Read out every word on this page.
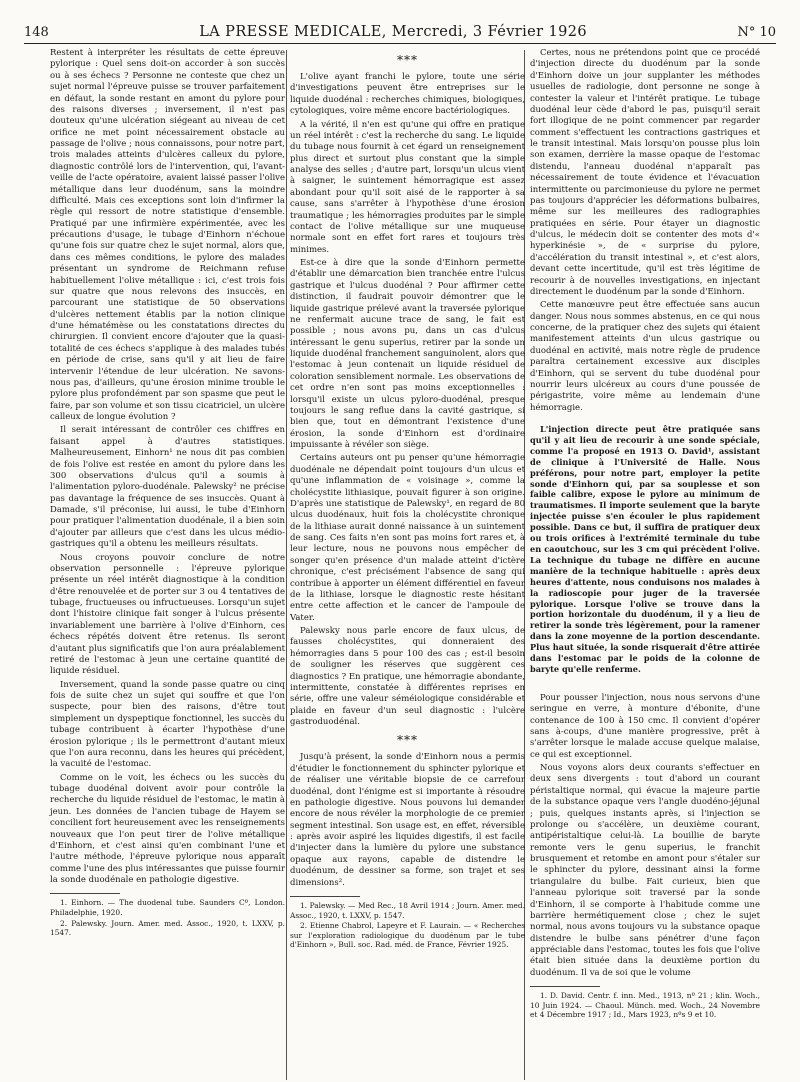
148	LA PRESSE MEDICALE, Mercredi, 3 Février 1926	N° 10

Restent à interpréter les résultats de cette épreuve pylorique : Quel sens doit-on accorder à son succès ou à ses échecs ? Personne ne conteste que chez un sujet normal l'épreuve puisse se trouver parfaitement en défaut, la sonde restant en amont du pylore pour des raisons diverses ; inversement, il n'est pas douteux qu'une ulcération siégeant au niveau de cet orifice ne met point nécessairement obstacle au passage de l'olive ; nous connaissons, pour notre part, trois malades atteints d'ulcères calleux du pylore, diagnostic contrôlé lors de l'intervention, qui, l'avant-veille de l'acte opératoire, avaient laissé passer l'olive métallique dans leur duodénum, sans la moindre difficulté. Mais ces exceptions sont loin d'infirmer la règle qui ressort de notre statistique d'ensemble. Pratiqué par une infirmière expérimentée, avec les précautions d'usage, le tubage d'Einhorn n'échoue qu'une fois sur quatre chez le sujet normal, alors que, dans ces mêmes conditions, le pylore des malades présentant un syndrome de Reichmann refuse habituellement l'olive métallique : ici, c'est trois fois sur quatre que nous relevons des insuccès, en parcourant une statistique de 50 observations d'ulcères nettement établis par la notion clinique d'une hématémèse ou les constatations directes du chirurgien. Il convient encore d'ajouter que la quasi-totalité de ces échecs s'applique à des malades tubés en période de crise, sans qu'il y ait lieu de faire intervenir l'étendue de leur ulcération. Ne savons-nous pas, d'ailleurs, qu'une érosion minime trouble le pylore plus profondément par son spasme que peut le faire, par son volume et son tissu cicatriciel, un ulcère calleux de longue évolution ?

Il serait intéressant de contrôler ces chiffres en faisant appel à d'autres statistiques. Malheureusement, Einhorn¹ ne nous dit pas combien de fois l'olive est restée en amont du pylore dans les 300 observations d'ulcus qu'il a soumis à l'alimentation pyloro-duodénale. Palewsky² ne précise pas davantage la fréquence de ses insuccès. Quant à Damade, s'il préconise, lui aussi, le tube d'Einhorn pour pratiquer l'alimentation duodénale, il a bien soin d'ajouter par ailleurs que c'est dans les ulcus médio-gastriques qu'il a obtenu les meilleurs résultats.

Nous croyons pouvoir conclure de notre observation personnelle : l'épreuve pylorique présente un réel intérêt diagnostique à la condition d'être renouvelée et de porter sur 3 ou 4 tentatives de tubage, fructueuses ou infructueuses. Lorsqu'un sujet dont l'histoire clinique fait songer à l'ulcus présente invariablement une barrière à l'olive d'Einhorn, ces échecs répétés doivent être retenus. Ils seront d'autant plus significatifs que l'on aura préalablement retiré de l'estomac à jeun une certaine quantité de liquide résiduel.

Inversement, quand la sonde passe quatre ou cinq fois de suite chez un sujet qui souffre et que l'on suspecte, pour bien des raisons, d'être tout simplement un dyspeptique fonctionnel, les succès du tubage contribuent à écarter l'hypothèse d'une érosion pylorique ; ils le permettront d'autant mieux que l'on aura reconnu, dans les heures qui précèdent, la vacuité de l'estomac.

Comme on le voit, les échecs ou les succès du tubage duodénal doivent avoir pour contrôle la recherche du liquide résiduel de l'estomac, le matin à jeun. Les données de l'ancien tubage de Hayem se concilient fort heureusement avec les renseignements nouveaux que l'on peut tirer de l'olive métallique d'Einhorn, et c'est ainsi qu'en combinant l'une et l'autre méthode, l'épreuve pylorique nous apparaît comme l'une des plus intéressantes que puisse fournir la sonde duodénale en pathologie digestive.

1. Einhorn. — The duodenal tube. Saunders Cº, London. Philadelphie, 1920.

2. Palewsky. Journ. Amer. med. Assoc., 1920, t. LXXV, p. 1547.

***

L'olive ayant franchi le pylore, toute une série d'investigations peuvent être entreprises sur le liquide duodénal : recherches chimiques, biologiques, cytologiques, voire même encore bactériologiques.

A la vérité, il n'en est qu'une qui offre en pratique un réel intérêt : c'est la recherche du sang. Le liquide du tubage nous fournit à cet égard un renseignement plus direct et surtout plus constant que la simple analyse des selles ; d'autre part, lorsqu'un ulcus vient à saigner, le suintement hémorragique est assez abondant pour qu'il soit aisé de le rapporter à sa cause, sans s'arrêter à l'hypothèse d'une érosion traumatique ; les hémorragies produites par le simple contact de l'olive métallique sur une muqueuse normale sont en effet fort rares et toujours très minimes.

Est-ce à dire que la sonde d'Einhorn permette d'établir une démarcation bien tranchée entre l'ulcus gastrique et l'ulcus duodénal ? Pour affirmer cette distinction, il faudrait pouvoir démontrer que le liquide gastrique prélevé avant la traversée pylorique ne renfermait aucune trace de sang, le fait est possible ; nous avons pu, dans un cas d'ulcus intéressant le genu superius, retirer par la sonde un liquide duodénal franchement sanguinolent, alors que l'estomac à jeun contenait un liquide résiduel de coloration sensiblement normale. Les observations de cet ordre n'en sont pas moins exceptionnelles : lorsqu'il existe un ulcus pyloro-duodénal, presque toujours le sang reflue dans la cavité gastrique, si bien que, tout en démontrant l'existence d'une érosion, la sonde d'Einhorn est d'ordinaire impuissante à révéler son siège.

Certains auteurs ont pu penser qu'une hémorragie duodénale ne dépendait point toujours d'un ulcus et qu'une inflammation de « voisinage », comme la cholécystite lithiasique, pouvait figurer à son origine. D'après une statistique de Palewsky¹, en regard de 80 ulcus duodénaux, huit fois la cholécystite chronique de la lithiase aurait donné naissance à un suintement de sang. Ces faits n'en sont pas moins fort rares et, à leur lecture, nous ne pouvons nous empêcher de songer qu'en présence d'un malade atteint d'ictère chronique, c'est précisément l'absence de sang qui contribue à apporter un élément différentiel en faveur de la lithiase, lorsque le diagnostic reste hésitant entre cette affection et le cancer de l'ampoule de Vater.

Palewsky nous parle encore de faux ulcus, de fausses cholécystites, qui donneraient des hémorragies dans 5 pour 100 des cas ; est-il besoin de souligner les réserves que suggèrent ces diagnostics ? En pratique, une hémorragie abondante, intermittente, constatée à différentes reprises en série, offre une valeur séméiologique considérable et plaide en faveur d'un seul diagnostic : l'ulcère gastroduodénal.

***

Jusqu'à présent, la sonde d'Einhorn nous a permis d'étudier le fonctionnement du sphincter pylorique et de réaliser une véritable biopsie de ce carrefour duodénal, dont l'énigme est si importante à résoudre en pathologie digestive. Nous pouvons lui demander encore de nous révéler la morphologie de ce premier segment intestinal. Son usage est, en effet, réversible : après avoir aspiré les liquides digestifs, il est facile d'injecter dans la lumière du pylore une substance opaque aux rayons, capable de distendre le duodénum, de dessiner sa forme, son trajet et ses dimensions².

1. Palewsky. — Med Rec., 18 Avril 1914 ; Journ. Amer. med. Assoc., 1920, t. LXXV, p. 1547.

2. Etienne Chabrol, Lapeyre et F. Laurain. — « Recherches sur l'exploration radiologique du duodénum par le tube d'Einhorn », Bull. soc. Rad. méd. de France, Février 1925.

Certes, nous ne prétendons point que ce procédé d'injection directe du duodénum par la sonde d'Einhorn doive un jour supplanter les méthodes usuelles de radiologie, dont personne ne songe à contester la valeur et l'intérêt pratique. Le tubage duodénal leur cède d'abord le pas, puisqu'il serait fort illogique de ne point commencer par regarder comment s'effectuent les contractions gastriques et le transit intestinal. Mais lorsqu'on pousse plus loin son examen, derrière la masse opaque de l'estomac distendu, l'anneau duodénal n'apparaît pas nécessairement de toute évidence et l'évacuation intermittente ou parcimonieuse du pylore ne permet pas toujours d'apprécier les déformations bulbaires, même sur les meilleures des radiographies pratiquées en série. Pour étayer un diagnostic d'ulcus, le médecin doit se contenter des mots d'« hyperkinésie », de « surprise du pylore, d'accélération du transit intestinal », et c'est alors, devant cette incertitude, qu'il est très légitime de recourir à de nouvelles investigations, en injectant directement le duodénum par la sonde d'Einhorn.

Cette manœuvre peut être effectuée sans aucun danger. Nous nous sommes abstenus, en ce qui nous concerne, de la pratiquer chez des sujets qui étaient manifestement atteints d'un ulcus gastrique ou duodénal en activité, mais notre règle de prudence paraîtra certainement excessive aux disciples d'Einhorn, qui se servent du tube duodénal pour nourrir leurs ulcéreux au cours d'une poussée de périgastrite, voire même au lendemain d'une hémorragie.

L'injection directe peut être pratiquée sans qu'il y ait lieu de recourir à une sonde spéciale, comme l'a proposé en 1913 O. David¹, assistant de clinique à l'Université de Halle. Nous préférons, pour notre part, employer la petite sonde d'Einhorn qui, par sa souplesse et son faible calibre, expose le pylore au minimum de traumatismes. Il importe seulement que la baryte injectée puisse s'en écouler le plus rapidement possible. Dans ce but, il suffira de pratiquer deux ou trois orifices à l'extrémité terminale du tube en caoutchouc, sur les 3 cm qui précèdent l'olive. La technique du tubage ne diffère en aucune manière de la technique habituelle : après deux heures d'attente, nous conduisons nos malades à la radioscopie pour juger de la traversée pylorique. Lorsque l'olive se trouve dans la portion horizontale du duodénum, il y a lieu de retirer la sonde très légèrement, pour la ramener dans la zone moyenne de la portion descendante. Plus haut située, la sonde risquerait d'être attirée dans l'estomac par le poids de la colonne de baryte qu'elle renferme.

Pour pousser l'injection, nous nous servons d'une seringue en verre, à monture d'ébonite, d'une contenance de 100 à 150 cmc. Il convient d'opérer sans à-coups, d'une manière progressive, prêt à s'arrêter lorsque le malade accuse quelque malaise, ce qui est exceptionnel.

Nous voyons alors deux courants s'effectuer en deux sens divergents : tout d'abord un courant péristaltique normal, qui évacue la majeure partie de la substance opaque vers l'angle duodéno-jéjunal ; puis, quelques instants après, si l'injection se prolonge ou s'accélère, un deuxième courant, antipéristaltique celui-là. La bouillie de baryte remonte vers le genu superius, le franchit brusquement et retombe en amont pour s'étaler sur le sphincter du pylore, dessinant ainsi la forme triangulaire du bulbe. Fait curieux, bien que l'anneau pylorique soit traversé par la sonde d'Einhorn, il se comporte à l'habitude comme une barrière hermétiquement close ; chez le sujet normal, nous avons toujours vu la substance opaque distendre le bulbe sans pénétrer d'une façon appréciable dans l'estomac, toutes les fois que l'olive était bien située dans la deuxième portion du duodénum. Il va de soi que le volume

1. D. David. Centr. f. inn. Med., 1913, nº 21 ; klin. Woch., 10 Juin 1924. — Chaoul. Münch. med. Woch., 24 Novembre et 4 Décembre 1917 ; Id., Mars 1923, nºs 9 et 10.
